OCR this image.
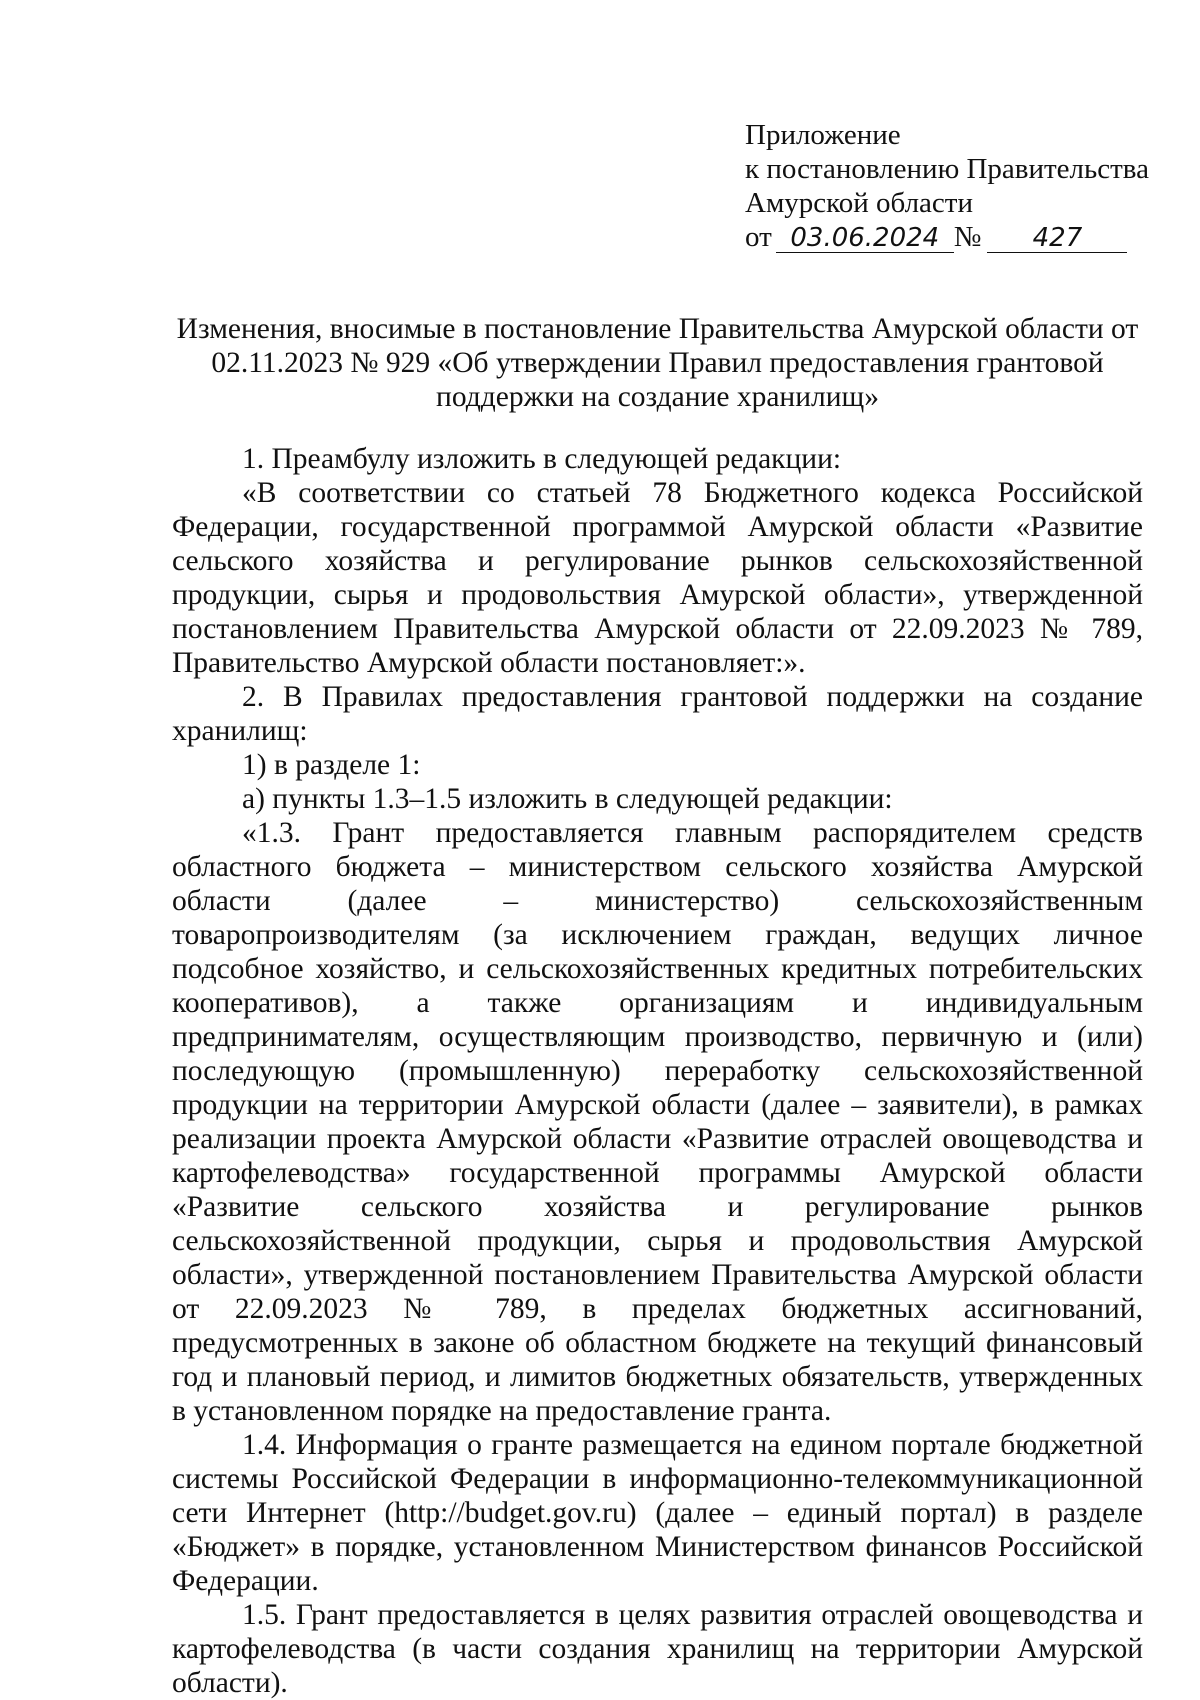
Приложение
к постановлению Правительства
Амурской области
от 03.06.2024 № 427
Изменения, вносимые в постановление Правительства Амурской области от 02.11.2023 № 929 «Об утверждении Правил предоставления грантовой поддержки на создание хранилищ»

1. Преамбулу изложить в следующей редакции:

«В соответствии со статьей 78 Бюджетного кодекса Российской Федерации, государственной программой Амурской области «Развитие сельского хозяйства и регулирование рынков сельскохозяйственной продукции, сырья и продовольствия Амурской области», утвержденной постановлением Правительства Амурской области от 22.09.2023 № 789, Правительство Амурской области постановляет:».

2. В Правилах предоставления грантовой поддержки на создание хранилищ:

1) в разделе 1:

а) пункты 1.3–1.5 изложить в следующей редакции:

«1.3. Грант предоставляется главным распорядителем средств областного бюджета – министерством сельского хозяйства Амурской области (далее – министерство) сельскохозяйственным товаропроизводителям (за исключением граждан, ведущих личное подсобное хозяйство, и сельскохозяйственных кредитных потребительских кооперативов), а также организациям и индивидуальным предпринимателям, осуществляющим производство, первичную и (или) последующую (промышленную) переработку сельскохозяйственной продукции на территории Амурской области (далее – заявители), в рамках реализации проекта Амурской области «Развитие отраслей овощеводства и картофелеводства» государственной программы Амурской области «Развитие сельского хозяйства и регулирование рынков сельскохозяйственной продукции, сырья и продовольствия Амурской области», утвержденной постановлением Правительства Амурской области от 22.09.2023 № 789, в пределах бюджетных ассигнований, предусмотренных в законе об областном бюджете на текущий финансовый год и плановый период, и лимитов бюджетных обязательств, утвержденных в установленном порядке на предоставление гранта.

1.4. Информация о гранте размещается на едином портале бюджетной системы Российской Федерации в информационно-телекоммуникационной сети Интернет (http://budget.gov.ru) (далее – единый портал) в разделе «Бюджет» в порядке, установленном Министерством финансов Российской Федерации.

1.5. Грант предоставляется в целях развития отраслей овощеводства и картофелеводства (в части создания хранилищ на территории Амурской области).
